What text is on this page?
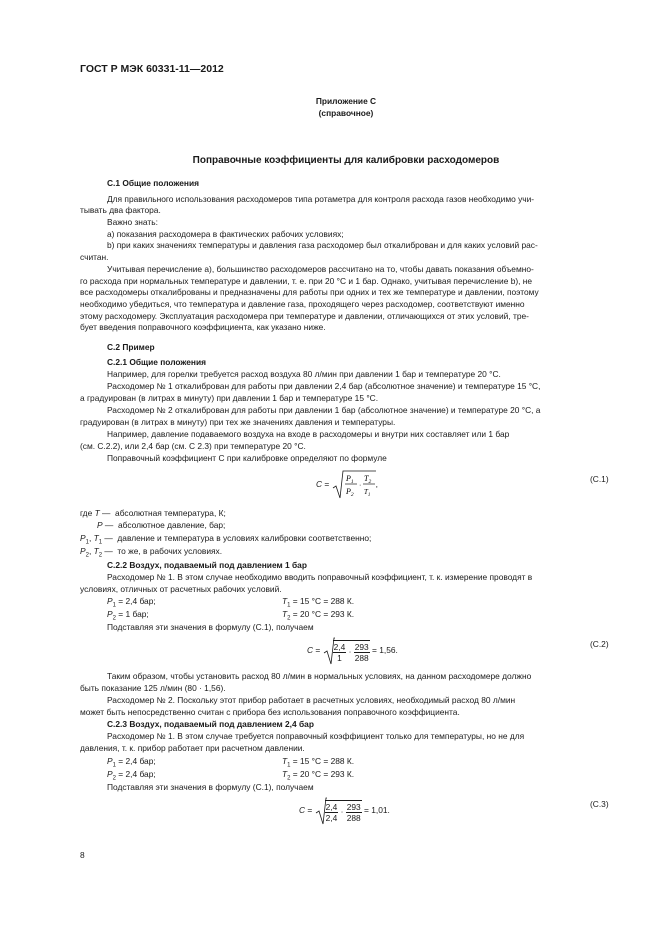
ГОСТ Р МЭК 60331-11—2012
Приложение С
(справочное)
Поправочные коэффициенты для калибровки расходомеров
С.1 Общие положения
Для правильного использования расходомеров типа ротаметра для контроля расхода газов необходимо учи-
тывать два фактора.
Важно знать:
а) показания расходомера в фактических рабочих условиях;
b) при каких значениях температуры и давления газа расходомер был откалиброван и для каких условий рас-
считан.
Учитывая перечисление а), большинство расходомеров рассчитано на то, чтобы давать показания объемно-
го расхода при нормальных температуре и давлении, т. е. при 20 °С и 1 бар. Однако, учитывая перечисление b), не
все расходомеры откалиброваны и предназначены для работы при одних и тех же температуре и давлении, поэтому
необходимо убедиться, что температура и давление газа, проходящего через расходомер, соответствуют именно
этому расходомеру. Эксплуатация расходомера при температуре и давлении, отличающихся от этих условий, тре-
бует введения поправочного коэффициента, как указано ниже.
С.2 Пример
С.2.1 Общие положения
Например, для горелки требуется расход воздуха 80 л/мин при давлении 1 бар и температуре 20 °С.
Расходомер № 1 откалиброван для работы при давлении 2,4 бар (абсолютное значение) и температуре 15 °С,
а градуирован (в литрах в минуту) при давлении 1 бар и температуре 15 °С.
Расходомер № 2 откалиброван для работы при давлении 1 бар (абсолютное значение) и температуре 20 °С, а
градуирован (в литрах в минуту) при тех же значениях давления и температуры.
Например, давление подаваемого воздуха на входе в расходомеры и внутри них составляет или 1 бар
(см. С.2.2), или 2,4 бар (см. С 2.3) при температуре 20 °С.
Поправочный коэффициент C при калибровке определяют по формуле
C =
$P_1$
$P_2$
·
$T_2$
$T_1$
,
(С.1)
где T —  абсолютная температура, К;
P —  абсолютное давление, бар;
$P_1$, $T_1$ —  давление и температура в условиях калибровки соответственно;
$P_2$, $T_2$ —  то же, в рабочих условиях.
С.2.2 Воздух, подаваемый под давлением 1 бар
Расходомер № 1. В этом случае необходимо вводить поправочный коэффициент, т. к. измерение проводят в
условиях, отличных от расчетных рабочих условий.
$P_1 = 2,4$ бар;	$T_1 = 15$ °С = 288 К.
$P_2 = 1$ бар;	$T_2 = 20$ °С = 293 К.
Подставляя эти значения в формулу (С.1), получаем
$C = \frac{2,4}{1} \cdot \frac{293}{288} = 1,56$.
(С.2)
Таким образом, чтобы установить расход 80 л/мин в нормальных условиях, на данном расходомере должно
быть показание 125 л/мин (80 · 1,56).
Расходомер № 2. Поскольку этот прибор работает в расчетных условиях, необходимый расход 80 л/мин
может быть непосредственно считан с прибора без использования поправочного коэффициента.
С.2.3 Воздух, подаваемый под давлением 2,4 бар
Расходомер № 1. В этом случае требуется поправочный коэффициент только для температуры, но не для
давления, т. к. прибор работает при расчетном давлении.
$P_1 = 2,4$ бар;	$T_1 = 15$ °С = 288 К.
$P_2 = 2,4$ бар;	$T_2 = 20$ °С = 293 К.
Подставляя эти значения в формулу (С.1), получаем
$C = \frac{2,4}{2,4} \cdot \frac{293}{288} = 1,01$.
(С.3)
8
